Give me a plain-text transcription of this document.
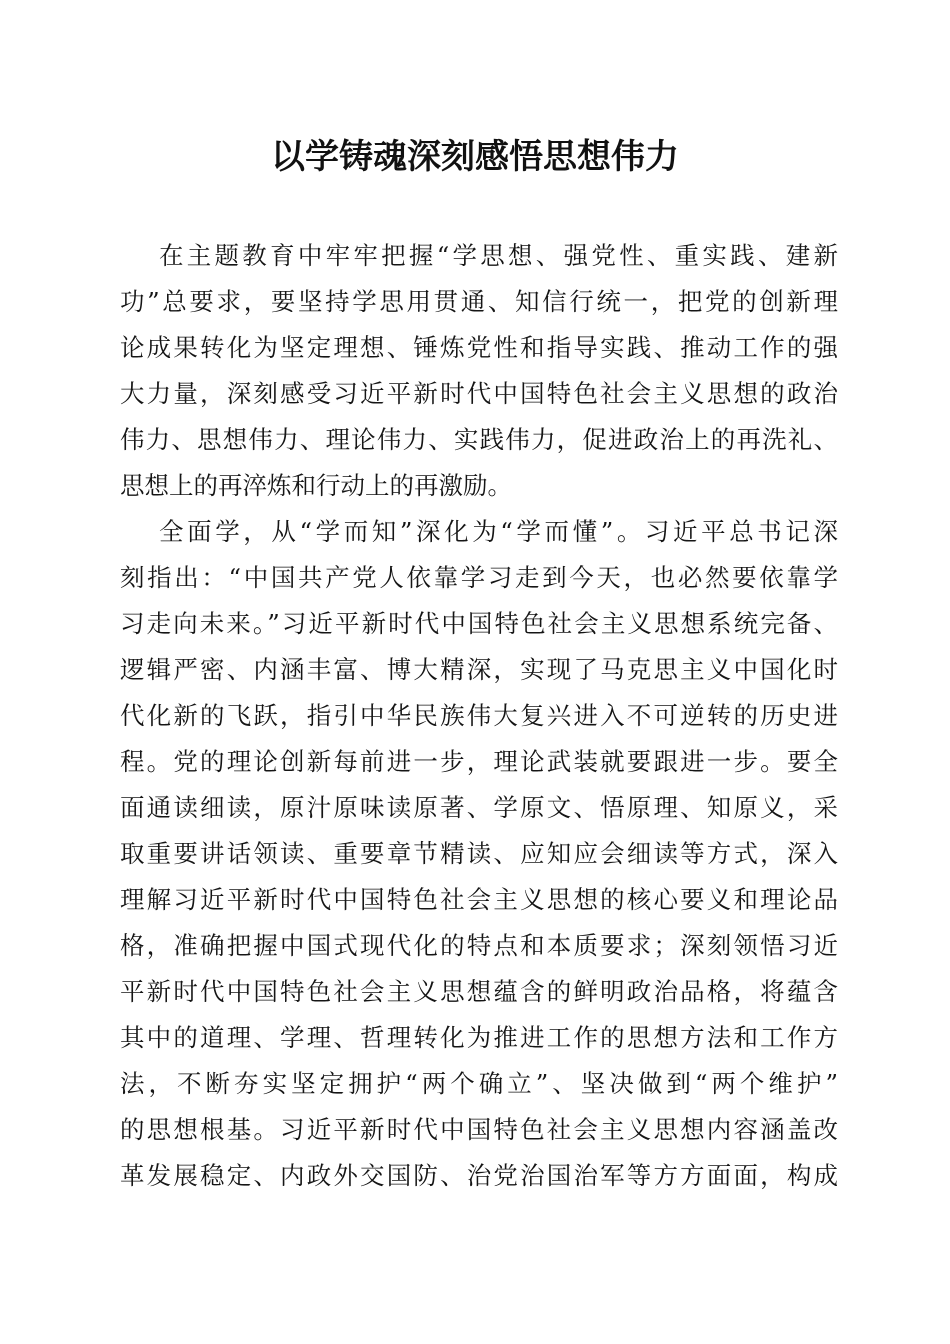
以学铸魂深刻感悟思想伟力
在主题教育中牢牢把握“学思想、强党性、重实践、建新
功”总要求，要坚持学思用贯通、知信行统一，把党的创新理
论成果转化为坚定理想、锤炼党性和指导实践、推动工作的强
大力量，深刻感受习近平新时代中国特色社会主义思想的政治
伟力、思想伟力、理论伟力、实践伟力，促进政治上的再洗礼、
思想上的再淬炼和行动上的再激励。
全面学，从“学而知”深化为“学而懂”。习近平总书记深
刻指出：“中国共产党人依靠学习走到今天，也必然要依靠学
习走向未来。”习近平新时代中国特色社会主义思想系统完备、
逻辑严密、内涵丰富、博大精深，实现了马克思主义中国化时
代化新的飞跃，指引中华民族伟大复兴进入不可逆转的历史进
程。党的理论创新每前进一步，理论武装就要跟进一步。要全
面通读细读，原汁原味读原著、学原文、悟原理、知原义，采
取重要讲话领读、重要章节精读、应知应会细读等方式，深入
理解习近平新时代中国特色社会主义思想的核心要义和理论品
格，准确把握中国式现代化的特点和本质要求；深刻领悟习近
平新时代中国特色社会主义思想蕴含的鲜明政治品格，将蕴含
其中的道理、学理、哲理转化为推进工作的思想方法和工作方
法，不断夯实坚定拥护“两个确立”、坚决做到“两个维护”
的思想根基。习近平新时代中国特色社会主义思想内容涵盖改
革发展稳定、内政外交国防、治党治国治军等方方面面，构成
